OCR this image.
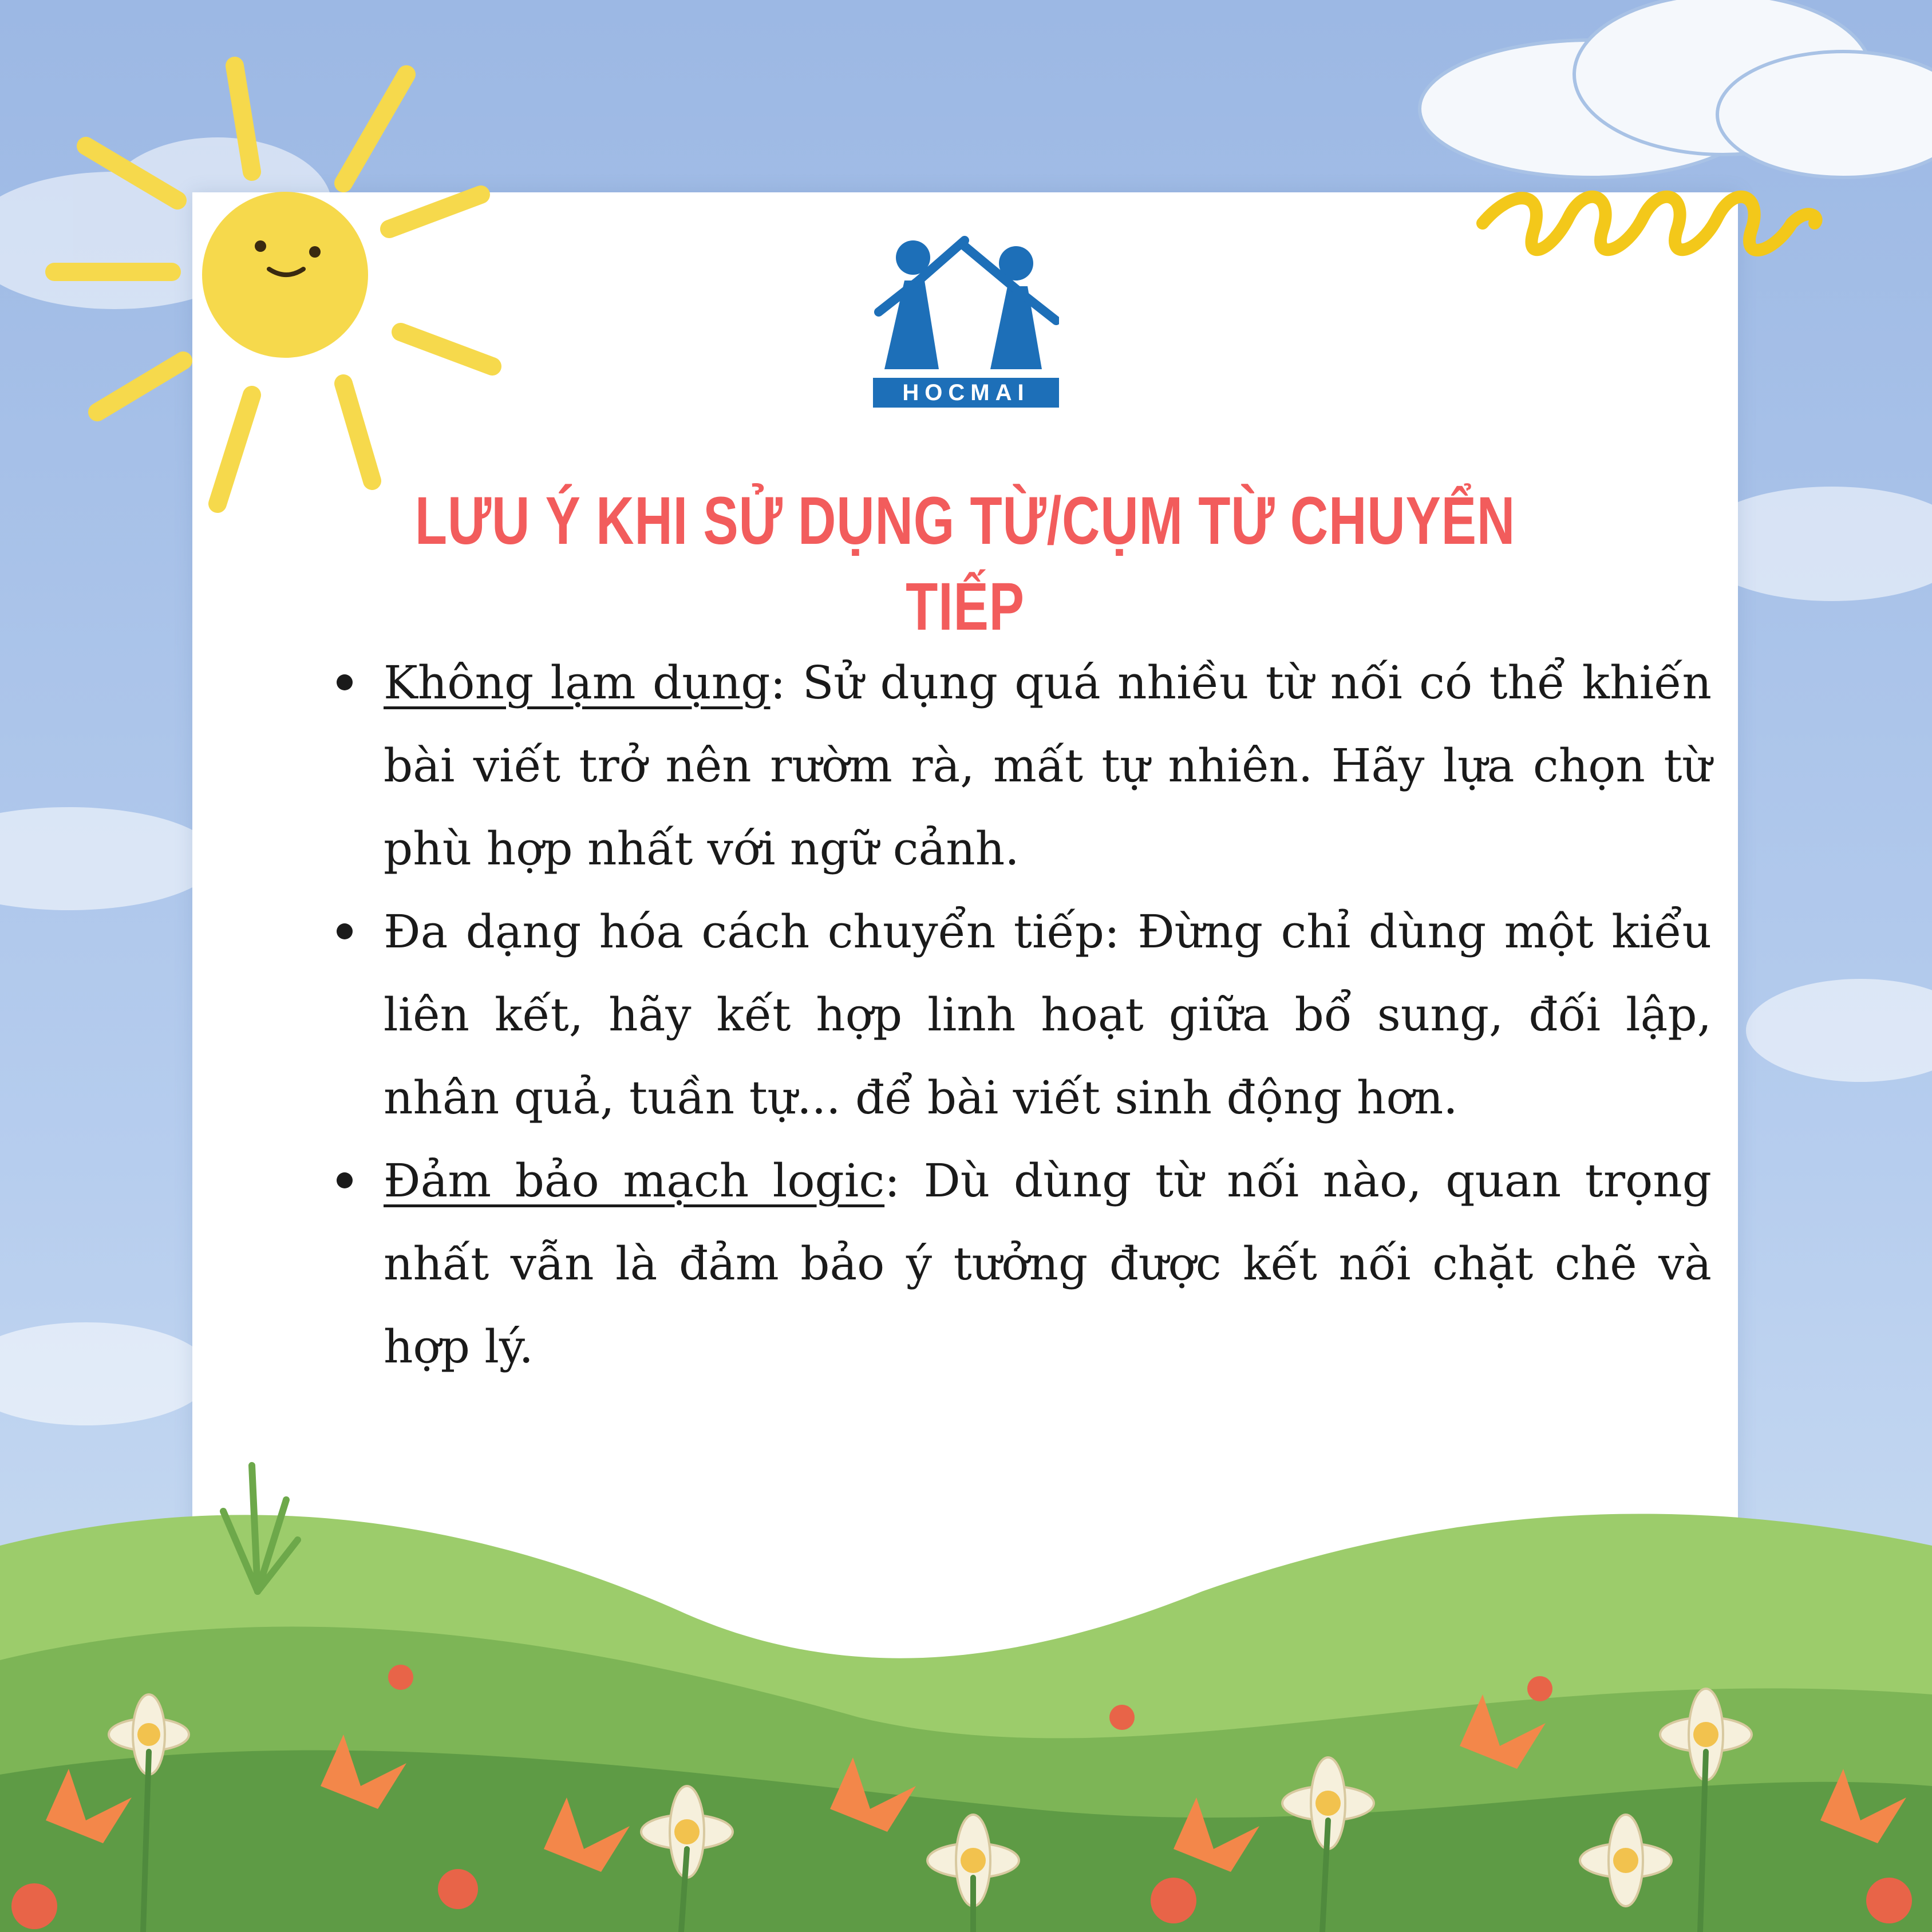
HOCMAI
LƯU Ý KHI SỬ DỤNG TỪ/CỤM TỪ CHUYỂN TIẾP
Không lạm dụng: Sử dụng quá nhiều từ nối có thể khiến bài viết trở nên rườm rà, mất tự nhiên. Hãy lựa chọn từ phù hợp nhất với ngữ cảnh.
Đa dạng hóa cách chuyển tiếp: Đừng chỉ dùng một kiểu liên kết, hãy kết hợp linh hoạt giữa bổ sung, đối lập, nhân quả, tuần tự... để bài viết sinh động hơn.
Đảm bảo mạch logic: Dù dùng từ nối nào, quan trọng nhất vẫn là đảm bảo ý tưởng được kết nối chặt chẽ và hợp lý.
